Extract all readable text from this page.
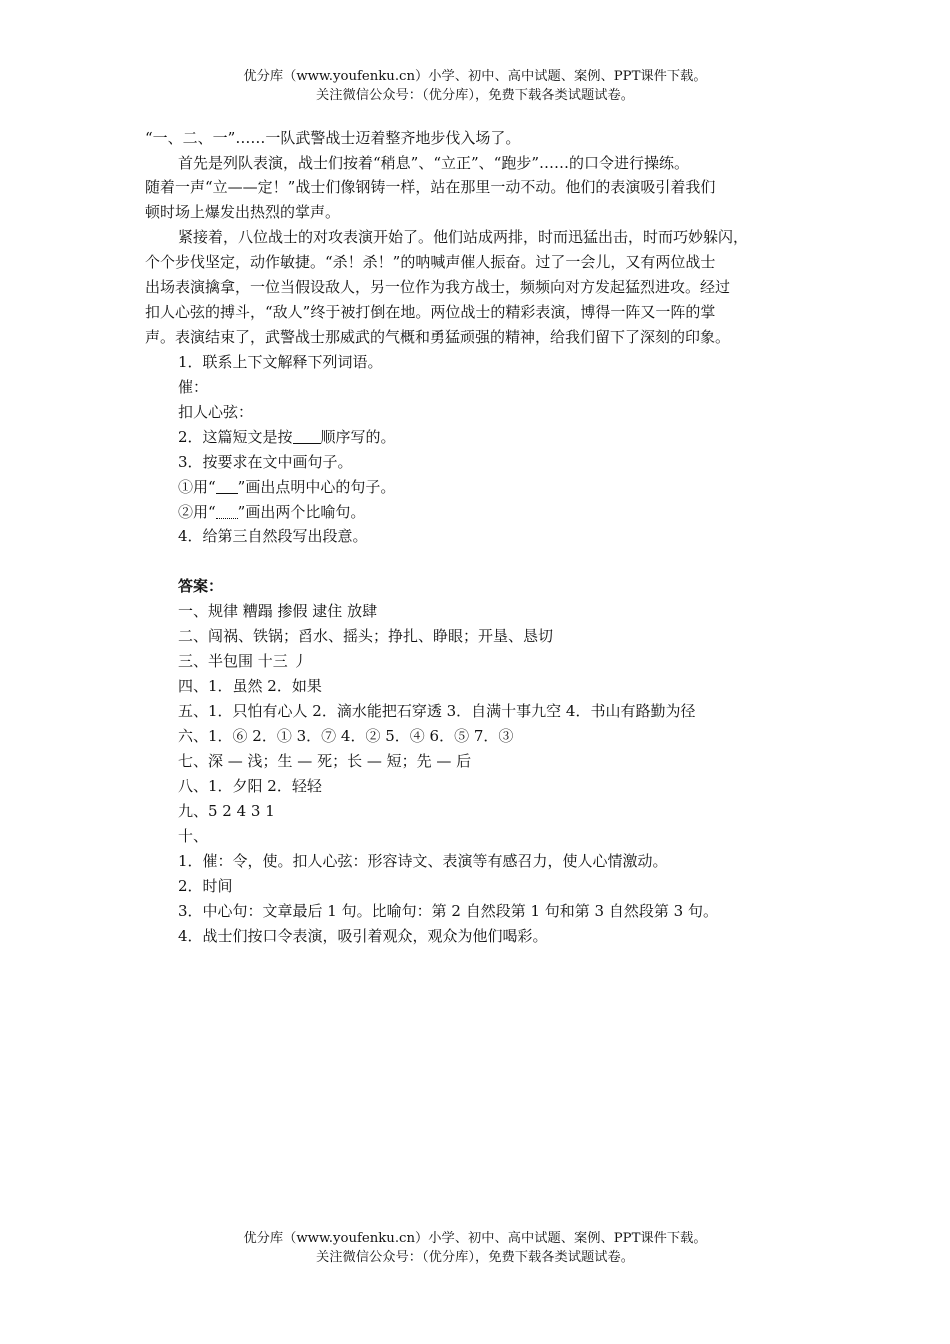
优分库（www.youfenku.cn）小学、初中、高中试题、案例、PPT课件下载。
关注微信公众号：（优分库），免费下载各类试题试卷。
“一、二、一”……一队武警战士迈着整齐地步伐入场了。
首先是列队表演，战士们按着“稍息”、“立正”、“跑步”……的口令进行操练。
随着一声“立——定！”战士们像钢铸一样，站在那里一动不动。他们的表演吸引着我们
顿时场上爆发出热烈的掌声。
紧接着，八位战士的对攻表演开始了。他们站成两排，时而迅猛出击，时而巧妙躲闪，
个个步伐坚定，动作敏捷。“杀！杀！”的呐喊声催人振奋。过了一会儿，又有两位战士
出场表演擒拿，一位当假设敌人，另一位作为我方战士，频频向对方发起猛烈进攻。经过
扣人心弦的搏斗，“敌人”终于被打倒在地。两位战士的精彩表演，博得一阵又一阵的掌
声。表演结束了，武警战士那威武的气概和勇猛顽强的精神，给我们留下了深刻的印象。
1．联系上下文解释下列词语。
催：
扣人心弦：
2．这篇短文是按 顺序写的。
3．按要求在文中画句子。
①用“ ”画出点明中心的句子。
②用“ ”画出两个比喻句。
4．给第三自然段写出段意。
答案：
一、规律 糟蹋 掺假 逮住 放肆
二、闯祸、铁锅；舀水、摇头；挣扎、睁眼；开垦、恳切
三、半包围 十三 丿
四、1．虽然 2．如果
五、1．只怕有心人 2．滴水能把石穿透 3．自满十事九空 4．书山有路勤为径
六、1．⑥ 2．① 3．⑦ 4．② 5．④ 6．⑤ 7．③
七、深 — 浅；生 — 死；长 — 短；先 — 后
八、1．夕阳 2．轻轻
九、5 2 4 3 1
十、
1．催：令，使。扣人心弦：形容诗文、表演等有感召力，使人心情激动。
2．时间
3．中心句：文章最后 1 句。比喻句：第 2 自然段第 1 句和第 3 自然段第 3 句。
4．战士们按口令表演，吸引着观众，观众为他们喝彩。
优分库（www.youfenku.cn）小学、初中、高中试题、案例、PPT课件下载。
关注微信公众号：（优分库），免费下载各类试题试卷。
